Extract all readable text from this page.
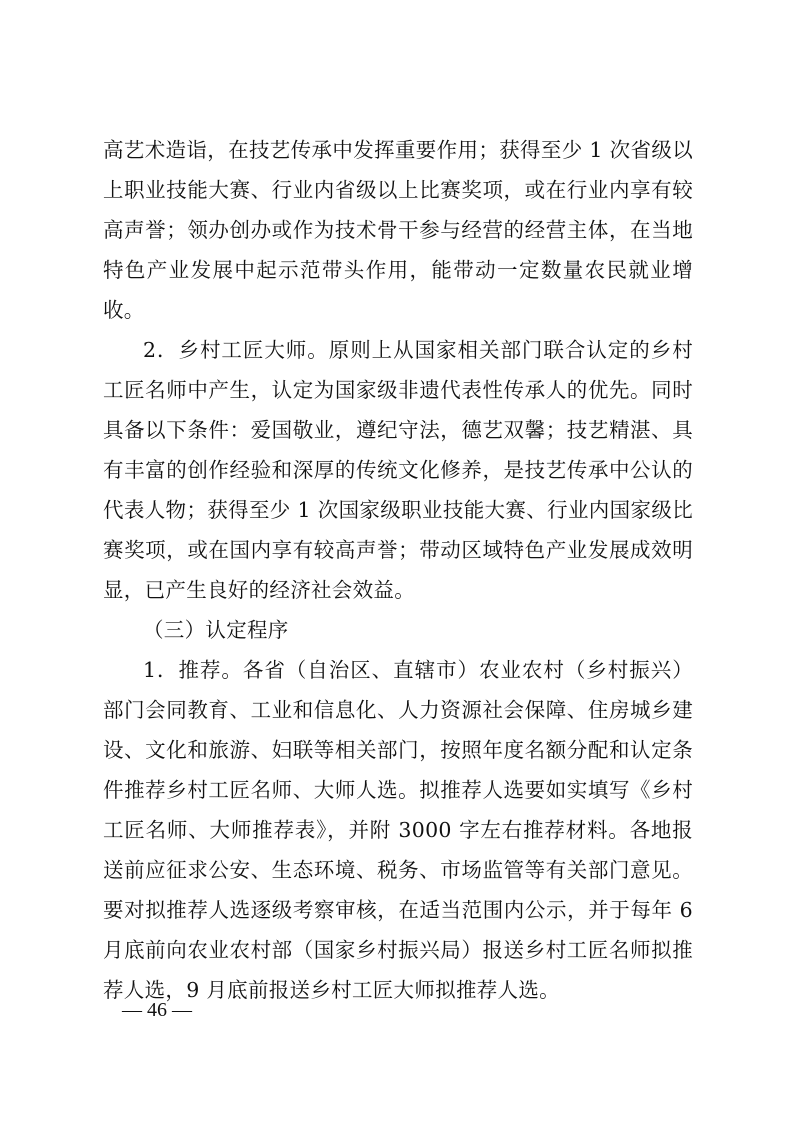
高艺术造诣，在技艺传承中发挥重要作用；获得至少 1 次省级以
上职业技能大赛、行业内省级以上比赛奖项，或在行业内享有较
高声誉；领办创办或作为技术骨干参与经营的经营主体，在当地
特色产业发展中起示范带头作用，能带动一定数量农民就业增
收。
2．乡村工匠大师。原则上从国家相关部门联合认定的乡村
工匠名师中产生，认定为国家级非遗代表性传承人的优先。同时
具备以下条件：爱国敬业，遵纪守法，德艺双馨；技艺精湛、具
有丰富的创作经验和深厚的传统文化修养，是技艺传承中公认的
代表人物；获得至少 1 次国家级职业技能大赛、行业内国家级比
赛奖项，或在国内享有较高声誉；带动区域特色产业发展成效明
显，已产生良好的经济社会效益。
（三）认定程序
1．推荐。各省（自治区、直辖市）农业农村（乡村振兴）
部门会同教育、工业和信息化、人力资源社会保障、住房城乡建
设、文化和旅游、妇联等相关部门，按照年度名额分配和认定条
件推荐乡村工匠名师、大师人选。拟推荐人选要如实填写《乡村
工匠名师、大师推荐表》，并附 3000 字左右推荐材料。各地报
送前应征求公安、生态环境、税务、市场监管等有关部门意见。
要对拟推荐人选逐级考察审核，在适当范围内公示，并于每年 6
月底前向农业农村部（国家乡村振兴局）报送乡村工匠名师拟推
荐人选，9 月底前报送乡村工匠大师拟推荐人选。
— 46 —
